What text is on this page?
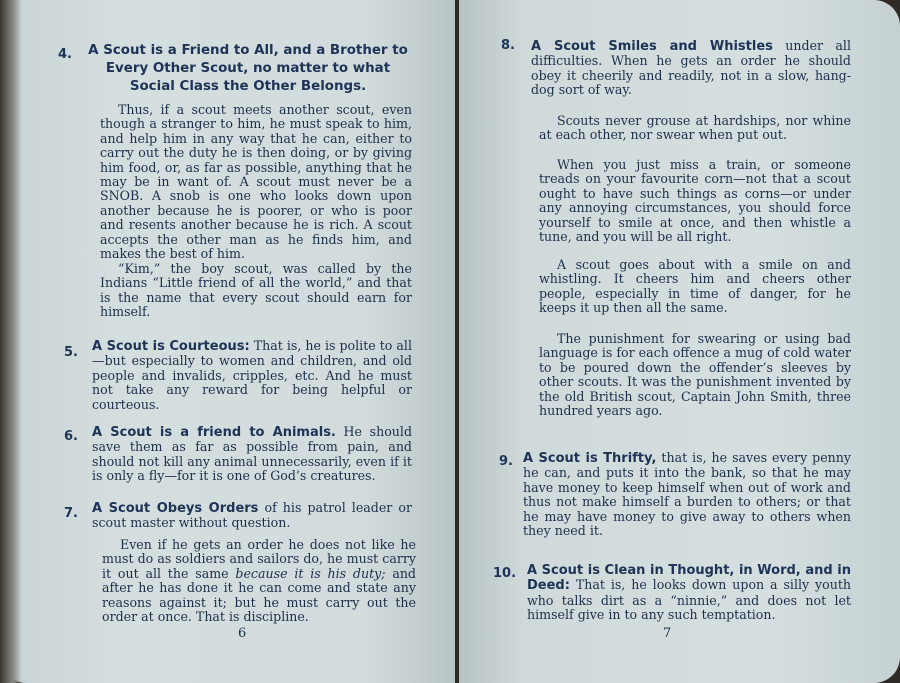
4.	A Scout is a Friend to All, and a Brother to Every Other Scout, no matter to what Social Class the Other Belongs.
Thus, if a scout meets another scout, even though a stranger to him, he must speak to him, and help him in any way that he can, either to carry out the duty he is then doing, or by giving him food, or, as far as possible, anything that he may be in want of. A scout must never be a SNOB. A snob is one who looks down upon another because he is poorer, or who is poor and resents another because he is rich. A scout accepts the other man as he finds him, and makes the best of him.
“Kim,” the boy scout, was called by the Indians “Little friend of all the world,” and that is the name that every scout should earn for himself.
5. A Scout is Courteous: That is, he is polite to all—but especially to women and children, and old people and invalids, cripples, etc. And he must not take any reward for being helpful or courteous.
6. A Scout is a friend to Animals. He should save them as far as possible from pain, and should not kill any animal unnecessarily, even if it is only a fly—for it is one of God’s creatures.
7. A Scout Obeys Orders of his patrol leader or scout master without question.
Even if he gets an order he does not like he must do as soldiers and sailors do, he must carry it out all the same because it is his duty; and after he has done it he can come and state any reasons against it; but he must carry out the order at once. That is discipline.
6
8. A Scout Smiles and Whistles under all difficulties. When he gets an order he should obey it cheerily and readily, not in a slow, hang-dog sort of way.
Scouts never grouse at hardships, nor whine at each other, nor swear when put out.
When you just miss a train, or someone treads on your favourite corn—not that a scout ought to have such things as corns—or under any annoying circumstances, you should force yourself to smile at once, and then whistle a tune, and you will be all right.
A scout goes about with a smile on and whistling. It cheers him and cheers other people, especially in time of danger, for he keeps it up then all the same.
The punishment for swearing or using bad language is for each offence a mug of cold water to be poured down the offender’s sleeves by other scouts. It was the punishment invented by the old British scout, Captain John Smith, three hundred years ago.
9. A Scout is Thrifty, that is, he saves every penny he can, and puts it into the bank, so that he may have money to keep himself when out of work and thus not make himself a burden to others; or that he may have money to give away to others when they need it.
10. A Scout is Clean in Thought, in Word, and in Deed: That is, he looks down upon a silly youth who talks dirt as a “ninnie,” and does not let himself give in to any such temptation.
7
